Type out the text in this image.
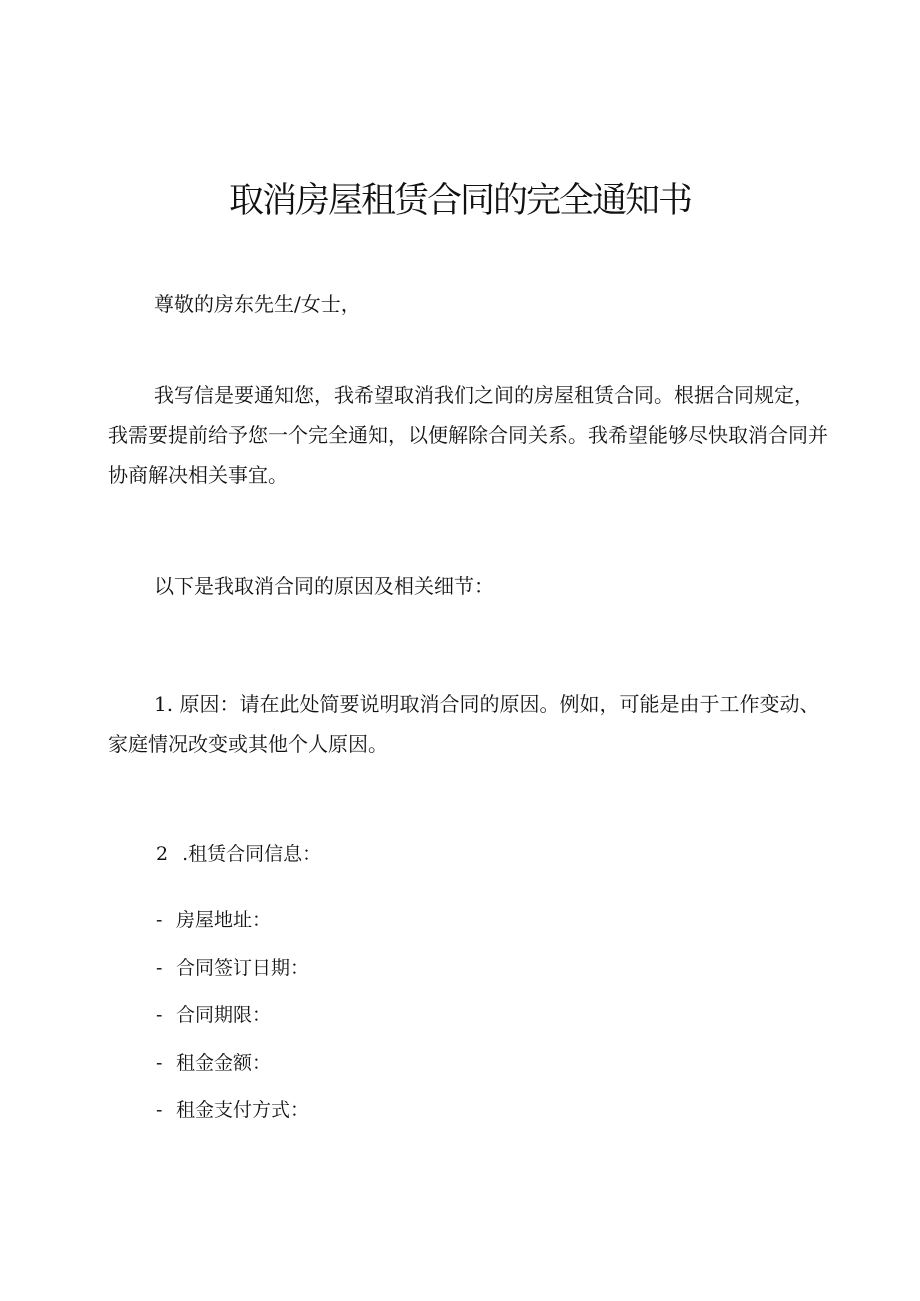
取消房屋租赁合同的完全通知书

尊敬的房东先生/女士，

我写信是要通知您，我希望取消我们之间的房屋租赁合同。根据合同规定，我需要提前给予您一个完全通知，以便解除合同关系。我希望能够尽快取消合同并协商解决相关事宜。

以下是我取消合同的原因及相关细节：

1. 原因：请在此处简要说明取消合同的原因。例如，可能是由于工作变动、家庭情况改变或其他个人原因。

2 .租赁合同信息：

- 房屋地址：

- 合同签订日期：

- 合同期限：

- 租金金额：

- 租金支付方式：
